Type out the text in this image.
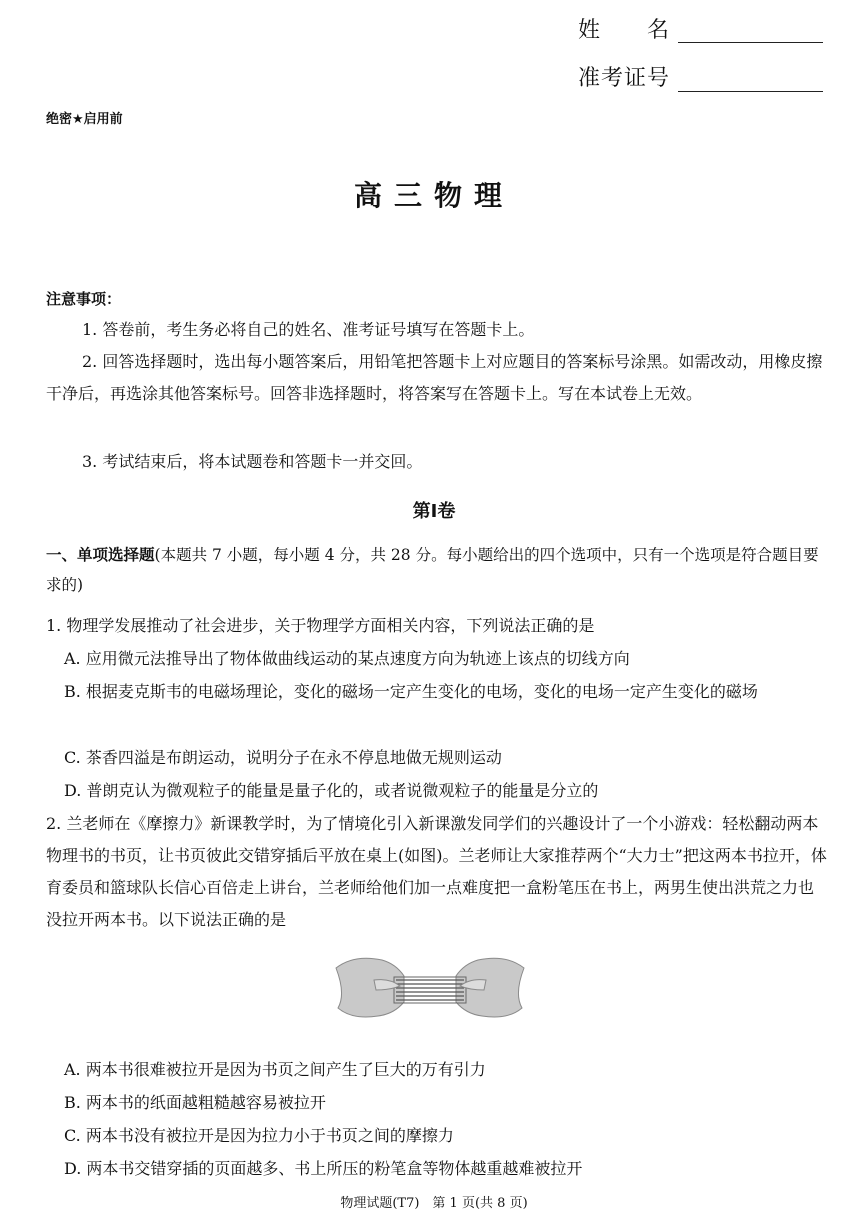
姓　　名
准考证号
绝密★启用前
高三物理
注意事项：
1. 答卷前，考生务必将自己的姓名、准考证号填写在答题卡上。
2. 回答选择题时，选出每小题答案后，用铅笔把答题卡上对应题目的答案标号涂黑。如需改动，用橡皮擦干净后，再选涂其他答案标号。回答非选择题时，将答案写在答题卡上。写在本试卷上无效。
3. 考试结束后，将本试题卷和答题卡一并交回。
第Ⅰ卷
一、单项选择题(本题共 7 小题，每小题 4 分，共 28 分。每小题给出的四个选项中，只有一个选项是符合题目要求的)
1. 物理学发展推动了社会进步，关于物理学方面相关内容，下列说法正确的是
A. 应用微元法推导出了物体做曲线运动的某点速度方向为轨迹上该点的切线方向
B. 根据麦克斯韦的电磁场理论，变化的磁场一定产生变化的电场，变化的电场一定产生变化的磁场
C. 茶香四溢是布朗运动，说明分子在永不停息地做无规则运动
D. 普朗克认为微观粒子的能量是量子化的，或者说微观粒子的能量是分立的
2. 兰老师在《摩擦力》新课教学时，为了情境化引入新课激发同学们的兴趣设计了一个小游戏：轻松翻动两本物理书的书页，让书页彼此交错穿插后平放在桌上(如图)。兰老师让大家推荐两个“大力士”把这两本书拉开，体育委员和篮球队长信心百倍走上讲台，兰老师给他们加一点难度把一盒粉笔压在书上，两男生使出洪荒之力也没拉开两本书。以下说法正确的是
A. 两本书很难被拉开是因为书页之间产生了巨大的万有引力
B. 两本书的纸面越粗糙越容易被拉开
C. 两本书没有被拉开是因为拉力小于书页之间的摩擦力
D. 两本书交错穿插的页面越多、书上所压的粉笔盒等物体越重越难被拉开
物理试题(T7)　第 1 页(共 8 页)
